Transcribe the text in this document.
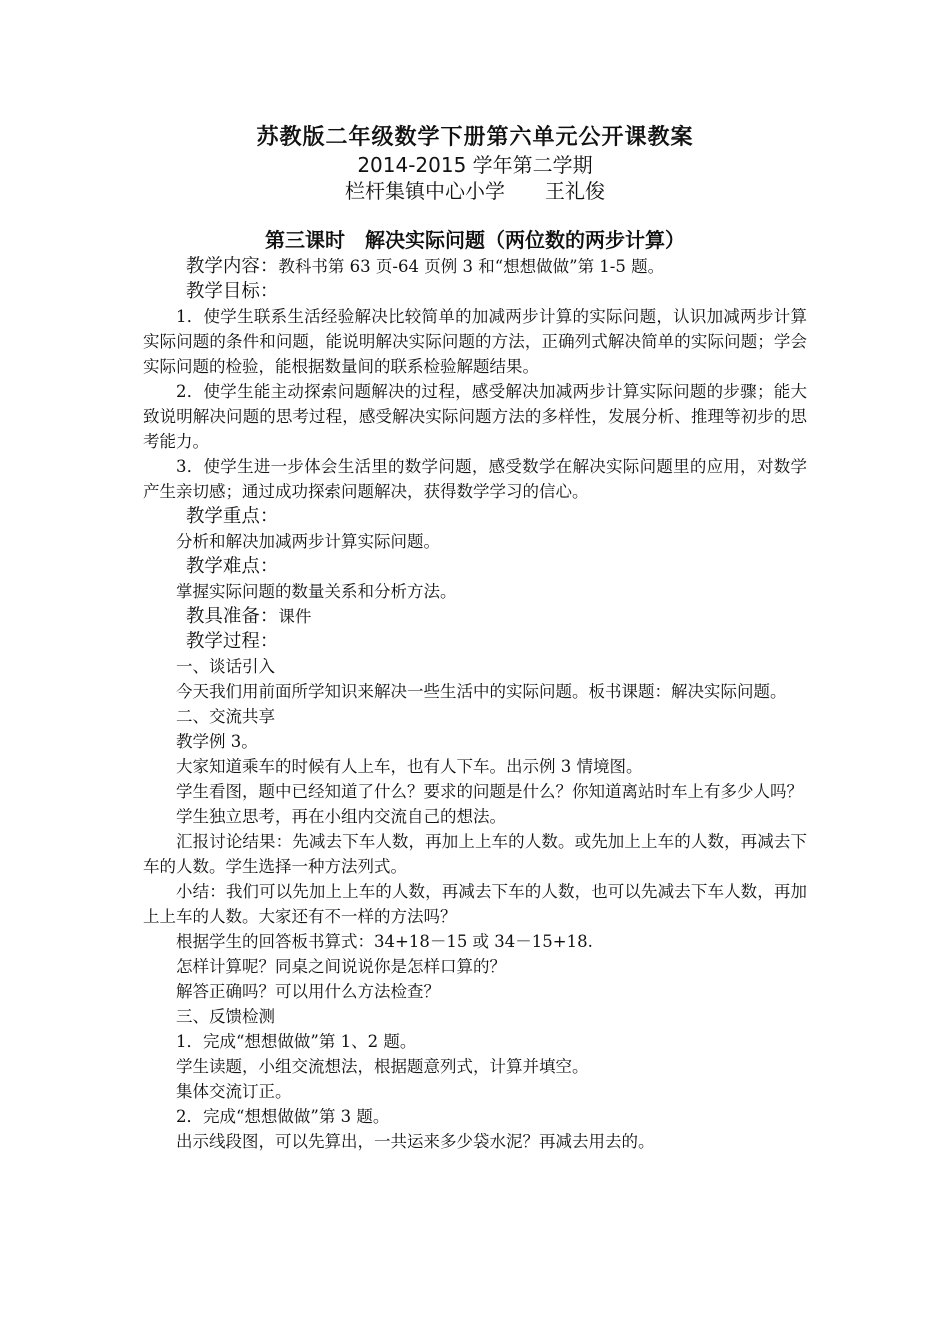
苏教版二年级数学下册第六单元公开课教案
2014-2015 学年第二学期
栏杆集镇中心小学　　王礼俊
第三课时　解决实际问题（两位数的两步计算）

教学内容：教科书第 63 页-64 页例 3 和“想想做做”第 1-5 题。

教学目标：

1．使学生联系生活经验解决比较简单的加减两步计算的实际问题，认识加减两步计算实际问题的条件和问题，能说明解决实际问题的方法，正确列式解决简单的实际问题；学会实际问题的检验，能根据数量间的联系检验解题结果。

2．使学生能主动探索问题解决的过程，感受解决加减两步计算实际问题的步骤；能大致说明解决问题的思考过程，感受解决实际问题方法的多样性，发展分析、推理等初步的思考能力。

3．使学生进一步体会生活里的数学问题，感受数学在解决实际问题里的应用，对数学产生亲切感；通过成功探索问题解决，获得数学学习的信心。

教学重点：

分析和解决加减两步计算实际问题。

教学难点：

掌握实际问题的数量关系和分析方法。

教具准备：课件

教学过程：

一、谈话引入

今天我们用前面所学知识来解决一些生活中的实际问题。板书课题：解决实际问题。

二、交流共享

教学例 3。

大家知道乘车的时候有人上车，也有人下车。出示例 3 情境图。

学生看图，题中已经知道了什么？要求的问题是什么？你知道离站时车上有多少人吗？

学生独立思考，再在小组内交流自己的想法。

汇报讨论结果：先减去下车人数，再加上上车的人数。或先加上上车的人数，再减去下车的人数。学生选择一种方法列式。

小结：我们可以先加上上车的人数，再减去下车的人数，也可以先减去下车人数，再加上上车的人数。大家还有不一样的方法吗？

根据学生的回答板书算式：34+18－15 或 34－15+18.

怎样计算呢？同桌之间说说你是怎样口算的？

解答正确吗？可以用什么方法检查？

三、反馈检测

1．完成“想想做做”第 1、2 题。

学生读题，小组交流想法，根据题意列式，计算并填空。

集体交流订正。

2．完成“想想做做”第 3 题。

出示线段图，可以先算出，一共运来多少袋水泥？再减去用去的。
